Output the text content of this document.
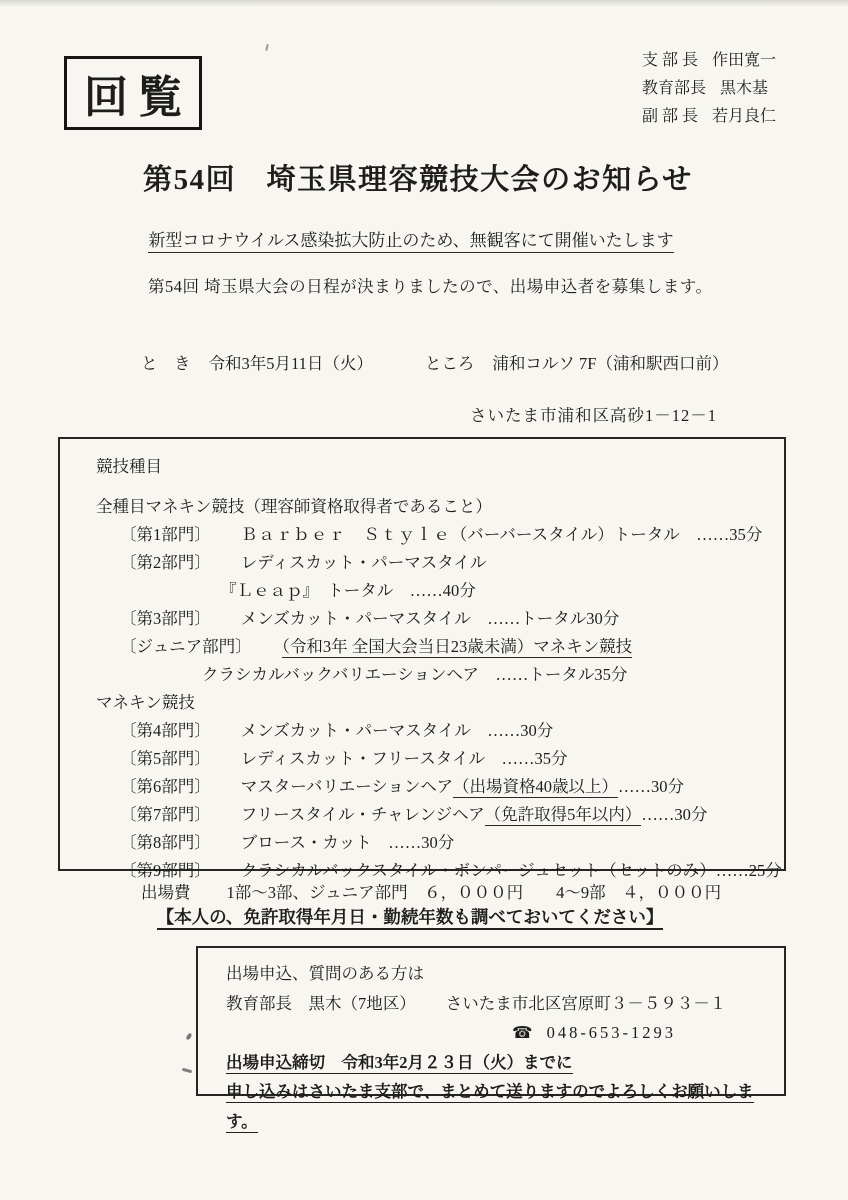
回覧
支 部 長 作田寛一
教育部長 黒木基
副 部 長 若月良仁
第54回　埼玉県理容競技大会のお知らせ
新型コロナウイルス感染拡大防止のため、無観客にて開催いたします
第54回 埼玉県大会の日程が決まりましたので、出場申込者を募集します。
と　き 令和3年5月11日（火）	ところ 浦和コルソ 7F（浦和駅西口前）
さいたま市浦和区高砂1－12－1
競技種目
全種目マネキン競技（理容師資格取得者であること）
〔第1部門〕 Ｂａｒｂｅｒ　Ｓｔｙｌｅ（バーバースタイル）トータル　……35分
〔第2部門〕 レディスカット・パーマスタイル
『Ｌｅａｐ』　トータル　……40分
〔第3部門〕 メンズカット・パーマスタイル　……トータル30分
〔ジュニア部門〕 （令和3年 全国大会当日23歳未満）マネキン競技
クラシカルバックバリエーションヘア　……トータル35分
マネキン競技
〔第4部門〕 メンズカット・パーマスタイル　……30分
〔第5部門〕 レディスカット・フリースタイル　……35分
〔第6部門〕 マスターバリエーションヘア（出場資格40歳以上）……30分
〔第7部門〕 フリースタイル・チャレンジヘア（免許取得5年以内）……30分
〔第8部門〕 ブロース・カット　……30分
〔第9部門〕 クラシカルバックスタイル・ボンパージュセット（セットのみ）……25分
出場費 1部～3部、ジュニア部門　６，０００円　　4～9部　４，０００円
【本人の、免許取得年月日・勤続年数も調べておいてください】
出場申込、質問のある方は
教育部長　黒木（7地区） さいたま市北区宮原町３－５９３－１
☎ 048-653-1293
出場申込締切　令和3年2月２３日（火）までに
申し込みはさいたま支部で、まとめて送りますのでよろしくお願いします。
